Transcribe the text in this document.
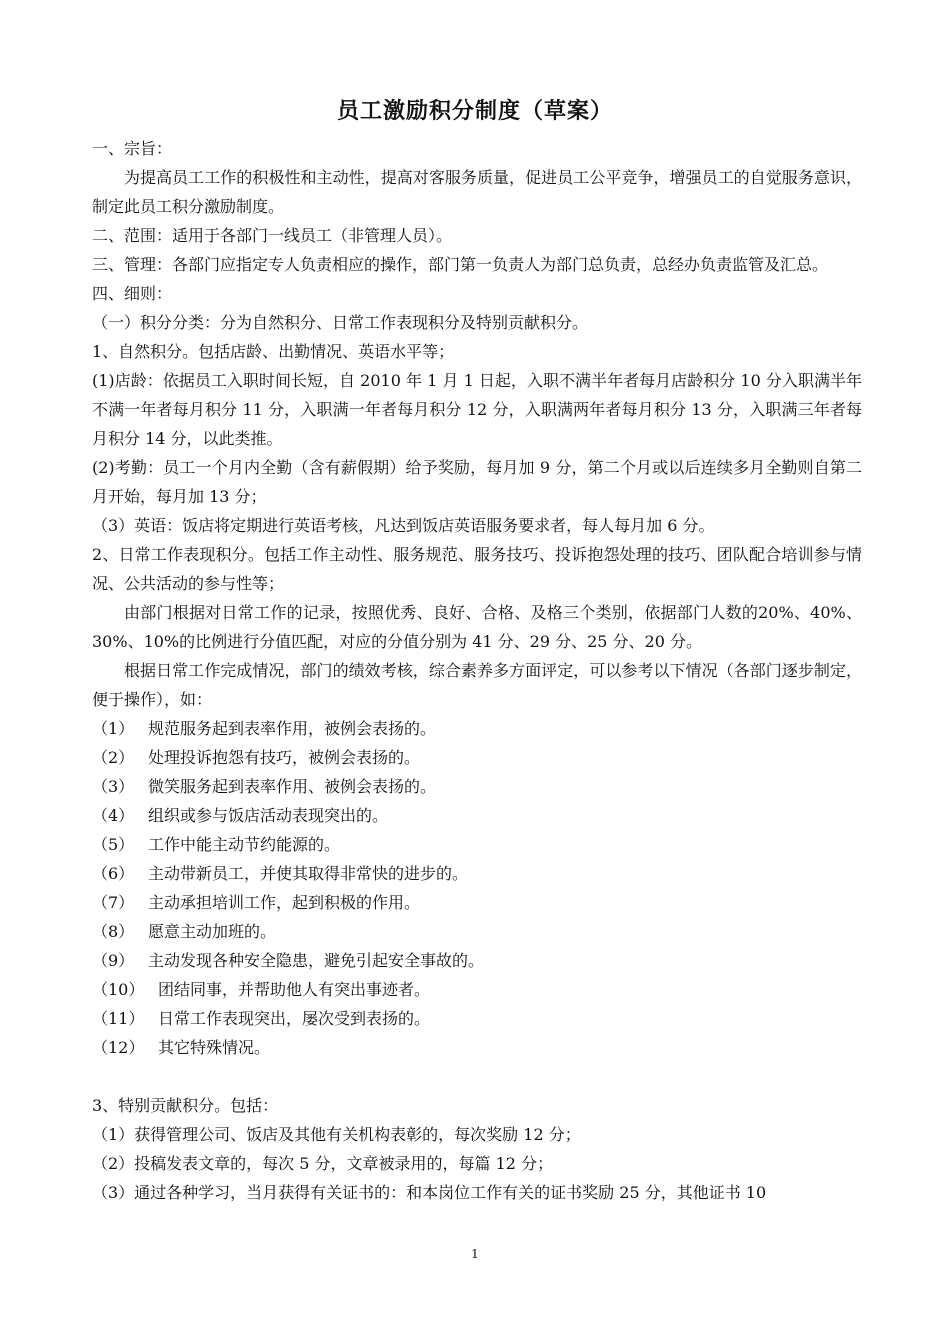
员工激励积分制度（草案）

一、宗旨：

为提高员工工作的积极性和主动性，提高对客服务质量，促进员工公平竞争，增强员工的自觉服务意识，制定此员工积分激励制度。

二、范围：适用于各部门一线员工（非管理人员）。

三、管理：各部门应指定专人负责相应的操作，部门第一负责人为部门总负责，总经办负责监管及汇总。

四、细则：

（一）积分分类：分为自然积分、日常工作表现积分及特别贡献积分。

1、自然积分。包括店龄、出勤情况、英语水平等；

(1)店龄：依据员工入职时间长短，自 2010 年 1 月 1 日起，入职不满半年者每月店龄积分 10 分入职满半年不满一年者每月积分 11 分，入职满一年者每月积分 12 分，入职满两年者每月积分 13 分，入职满三年者每月积分 14 分，以此类推。

(2)考勤：员工一个月内全勤（含有薪假期）给予奖励，每月加 9 分，第二个月或以后连续多月全勤则自第二月开始，每月加 13 分；

（3）英语：饭店将定期进行英语考核，凡达到饭店英语服务要求者，每人每月加 6 分。

2、日常工作表现积分。包括工作主动性、服务规范、服务技巧、投诉抱怨处理的技巧、团队配合培训参与情况、公共活动的参与性等；

由部门根据对日常工作的记录，按照优秀、良好、合格、及格三个类别，依据部门人数的20%、40%、30%、10%的比例进行分值匹配，对应的分值分别为 41 分、29 分、25 分、20 分。

根据日常工作完成情况，部门的绩效考核，综合素养多方面评定，可以参考以下情况（各部门逐步制定，便于操作），如：

（1） 规范服务起到表率作用，被例会表扬的。

（2） 处理投诉抱怨有技巧，被例会表扬的。

（3） 微笑服务起到表率作用、被例会表扬的。

（4） 组织或参与饭店活动表现突出的。

（5） 工作中能主动节约能源的。

（6） 主动带新员工，并使其取得非常快的进步的。

（7） 主动承担培训工作，起到积极的作用。

（8） 愿意主动加班的。

（9） 主动发现各种安全隐患，避免引起安全事故的。

（10） 团结同事，并帮助他人有突出事迹者。

（11） 日常工作表现突出，屡次受到表扬的。

（12） 其它特殊情况。

3、特别贡献积分。包括：

（1）获得管理公司、饭店及其他有关机构表彰的，每次奖励 12 分；

（2）投稿发表文章的，每次 5 分，文章被录用的，每篇 12 分；

（3）通过各种学习，当月获得有关证书的：和本岗位工作有关的证书奖励 25 分，其他证书 10

1
